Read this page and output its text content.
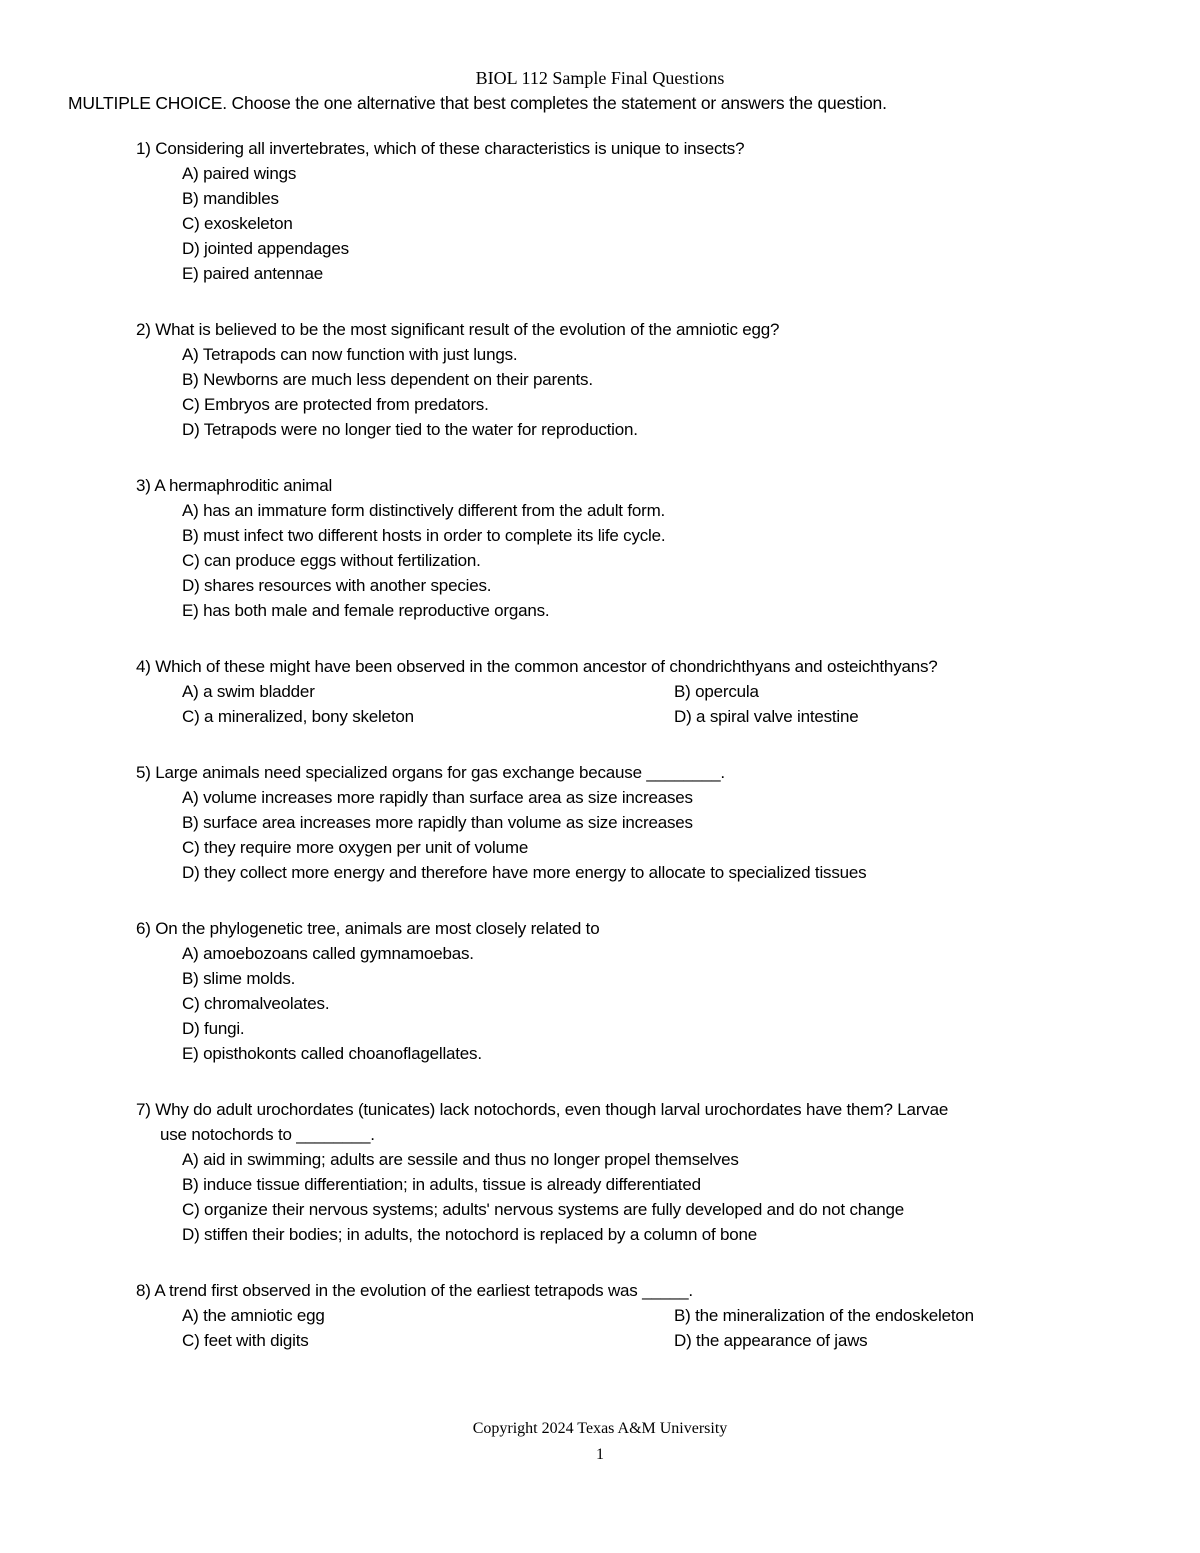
BIOL 112 Sample Final Questions
MULTIPLE CHOICE. Choose the one alternative that best completes the statement or answers the question.
1) Considering all invertebrates, which of these characteristics is unique to insects?
A) paired wings
B) mandibles
C) exoskeleton
D) jointed appendages
E) paired antennae
2) What is believed to be the most significant result of the evolution of the amniotic egg?
A) Tetrapods can now function with just lungs.
B) Newborns are much less dependent on their parents.
C) Embryos are protected from predators.
D) Tetrapods were no longer tied to the water for reproduction.
3) A hermaphroditic animal
A) has an immature form distinctively different from the adult form.
B) must infect two different hosts in order to complete its life cycle.
C) can produce eggs without fertilization.
D) shares resources with another species.
E) has both male and female reproductive organs.
4) Which of these might have been observed in the common ancestor of chondrichthyans and osteichthyans?
A) a swim bladder	B) opercula
C) a mineralized, bony skeleton	D) a spiral valve intestine
5) Large animals need specialized organs for gas exchange because ________.
A) volume increases more rapidly than surface area as size increases
B) surface area increases more rapidly than volume as size increases
C) they require more oxygen per unit of volume
D) they collect more energy and therefore have more energy to allocate to specialized tissues
6) On the phylogenetic tree, animals are most closely related to
A) amoebozoans called gymnamoebas.
B) slime molds.
C) chromalveolates.
D) fungi.
E) opisthokonts called choanoflagellates.
7) Why do adult urochordates (tunicates) lack notochords, even though larval urochordates have them? Larvae
use notochords to ________.
A) aid in swimming; adults are sessile and thus no longer propel themselves
B) induce tissue differentiation; in adults, tissue is already differentiated
C) organize their nervous systems; adults' nervous systems are fully developed and do not change
D) stiffen their bodies; in adults, the notochord is replaced by a column of bone
8) A trend first observed in the evolution of the earliest tetrapods was _____.
A) the amniotic egg	B) the mineralization of the endoskeleton
C) feet with digits	D) the appearance of jaws
Copyright 2024 Texas A&M University
1
